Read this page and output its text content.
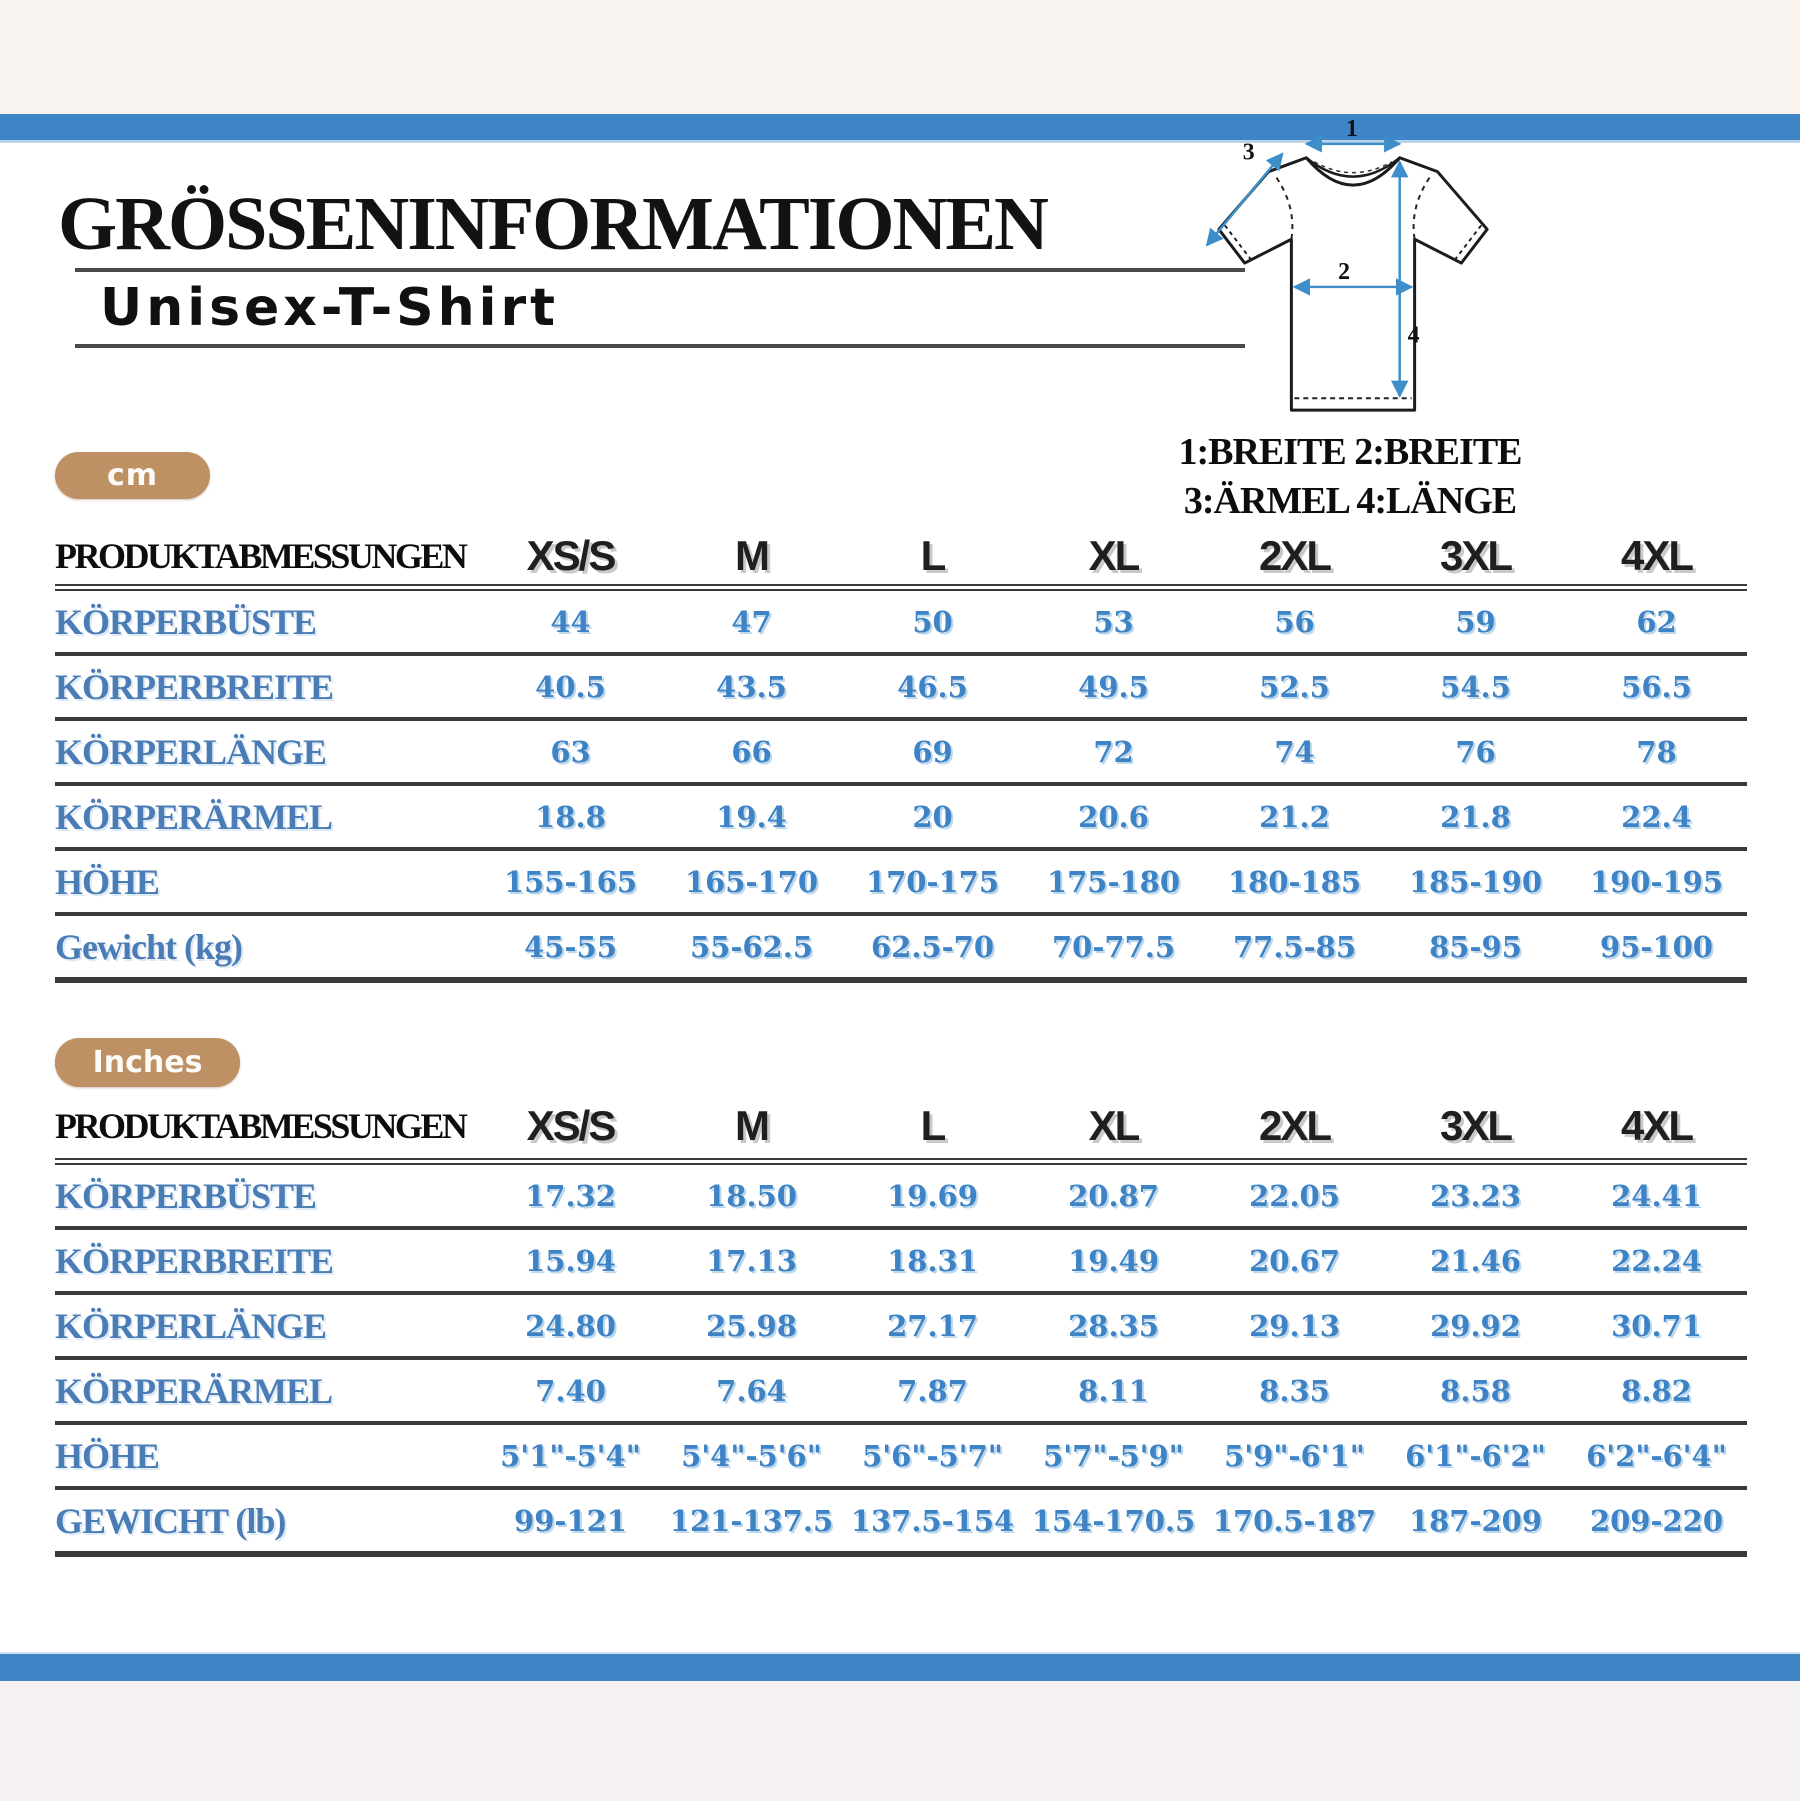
GRÖSSENINFORMATIONEN
Unisex-T-Shirt
1
3
2
4
1:BREITE 2:BREITE
3:ÄRMEL 4:LÄNGE
cm
PRODUKTABMESSUNGEN	XS/S	M	L	XL	2XL	3XL	4XL
KÖRPERBÜSTE	44	47	50	53	56	59	62
KÖRPERBREITE	40.5	43.5	46.5	49.5	52.5	54.5	56.5
KÖRPERLÄNGE	63	66	69	72	74	76	78
KÖRPERÄRMEL	18.8	19.4	20	20.6	21.2	21.8	22.4
HÖHE	155-165	165-170	170-175	175-180	180-185	185-190	190-195
Gewicht (kg)	45-55	55-62.5	62.5-70	70-77.5	77.5-85	85-95	95-100
Inches
PRODUKTABMESSUNGEN	XS/S	M	L	XL	2XL	3XL	4XL
KÖRPERBÜSTE	17.32	18.50	19.69	20.87	22.05	23.23	24.41
KÖRPERBREITE	15.94	17.13	18.31	19.49	20.67	21.46	22.24
KÖRPERLÄNGE	24.80	25.98	27.17	28.35	29.13	29.92	30.71
KÖRPERÄRMEL	7.40	7.64	7.87	8.11	8.35	8.58	8.82
HÖHE	5'1"-5'4"	5'4"-5'6"	5'6"-5'7"	5'7"-5'9"	5'9"-6'1"	6'1"-6'2"	6'2"-6'4"
GEWICHT (lb)	99-121	121-137.5	137.5-154	154-170.5	170.5-187	187-209	209-220
